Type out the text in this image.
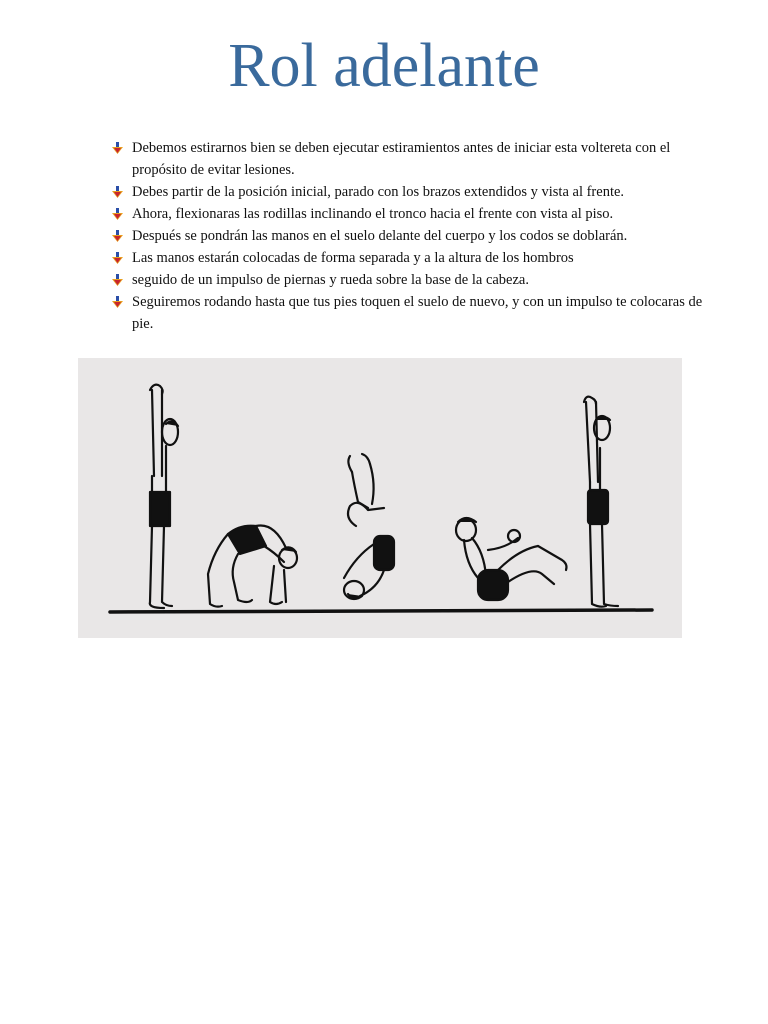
Rol adelante
Debemos estirarnos bien se deben ejecutar estiramientos antes de iniciar esta voltereta con el propósito de evitar lesiones.
Debes partir de la posición inicial, parado con los brazos extendidos y vista al frente.
Ahora, flexionaras las rodillas inclinando el tronco hacia el frente con vista al piso.
Después se pondrán las manos en el suelo delante del cuerpo y los codos se doblarán.
Las manos estarán colocadas de forma separada y a la altura de los hombros
seguido de un impulso de piernas y rueda sobre la base de la cabeza.
Seguiremos rodando hasta que tus pies toquen el suelo de nuevo, y con un impulso te colocaras de pie.
